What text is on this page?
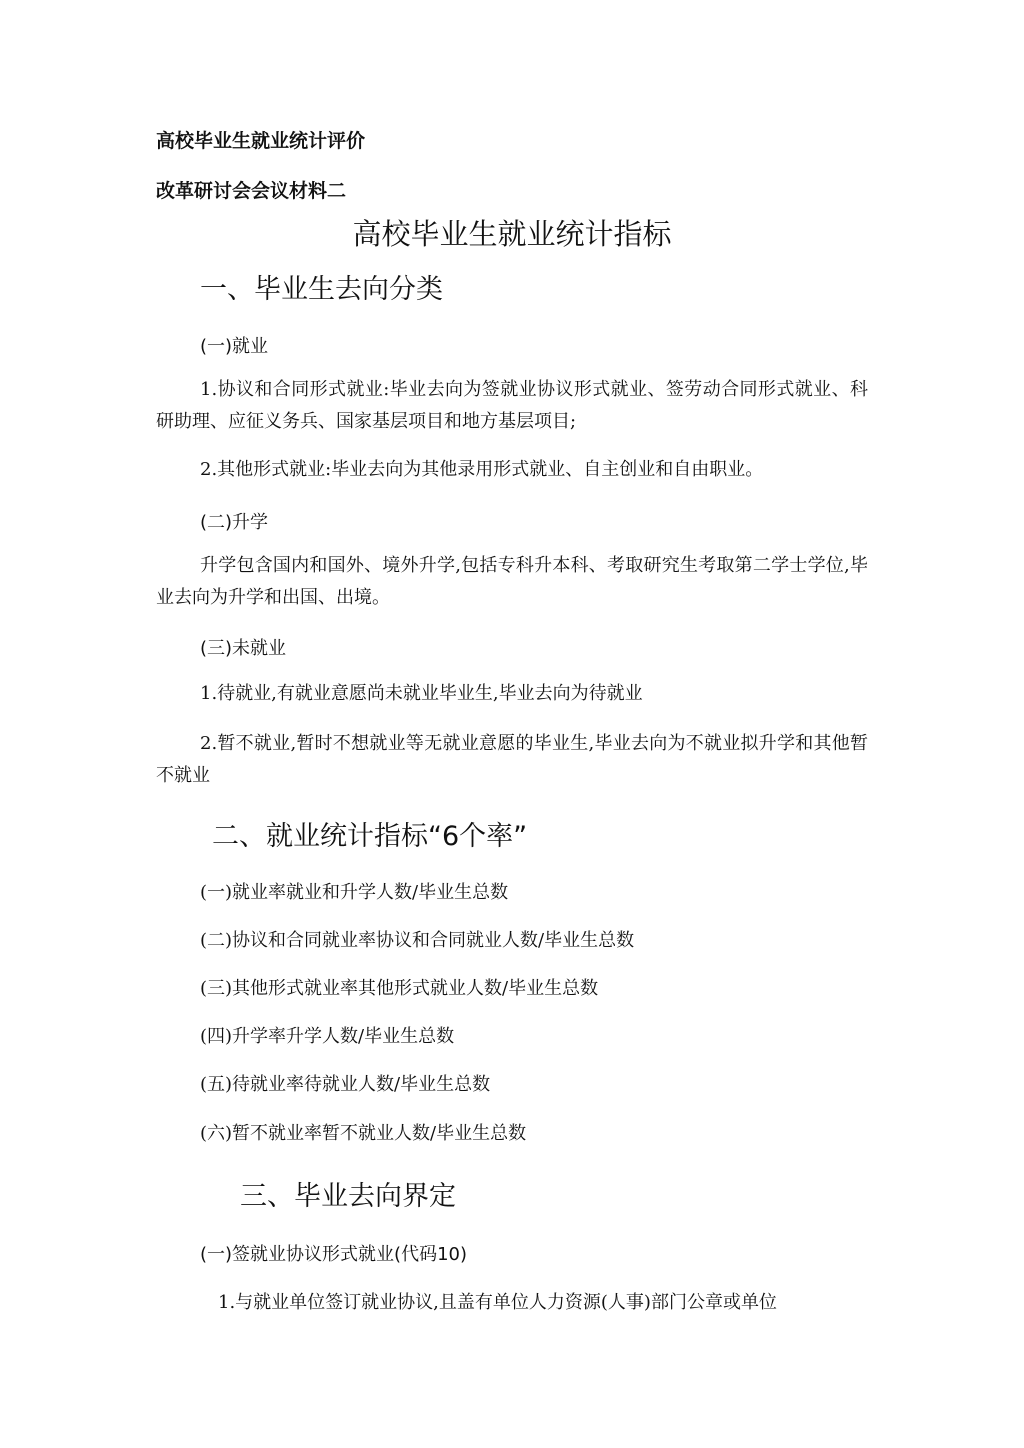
高校毕业生就业统计评价
改革研讨会会议材料二
高校毕业生就业统计指标
一、毕业生去向分类
(一)就业
1.协议和合同形式就业:毕业去向为签就业协议形式就业、签劳动合同形式就业、科研助理、应征义务兵、国家基层项目和地方基层项目;
2.其他形式就业:毕业去向为其他录用形式就业、自主创业和自由职业。
(二)升学
升学包含国内和国外、境外升学,包括专科升本科、考取研究生考取第二学士学位,毕业去向为升学和出国、出境。
(三)未就业
1.待就业,有就业意愿尚未就业毕业生,毕业去向为待就业
2.暂不就业,暂时不想就业等无就业意愿的毕业生,毕业去向为不就业拟升学和其他暂不就业
二、就业统计指标“6个率”
(一)就业率就业和升学人数/毕业生总数
(二)协议和合同就业率协议和合同就业人数/毕业生总数
(三)其他形式就业率其他形式就业人数/毕业生总数
(四)升学率升学人数/毕业生总数
(五)待就业率待就业人数/毕业生总数
(六)暂不就业率暂不就业人数/毕业生总数
三、毕业去向界定
(一)签就业协议形式就业(代码10)
1.与就业单位签订就业协议,且盖有单位人力资源(人事)部门公章或单位
